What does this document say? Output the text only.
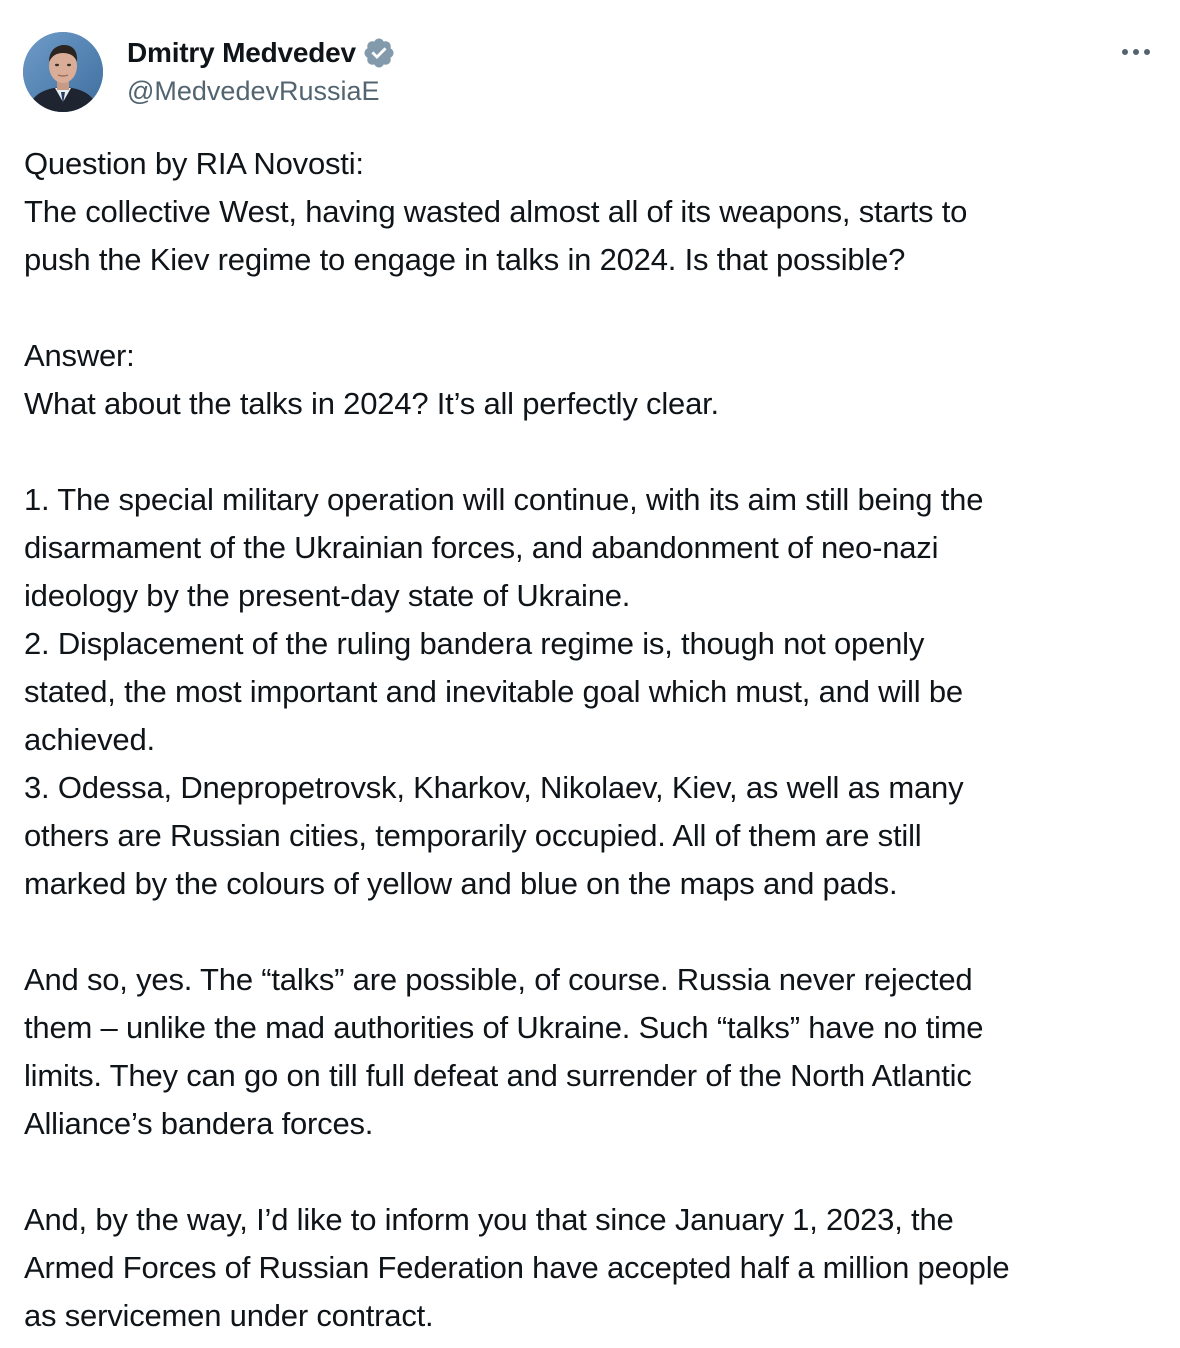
Dmitry Medvedev
@MedvedevRussiaE
Question by RIA Novosti:
The collective West, having wasted almost all of its weapons, starts to
push the Kiev regime to engage in talks in 2024. Is that possible?
Answer:
What about the talks in 2024? It’s all perfectly clear.
1. The special military operation will continue, with its aim still being the
disarmament of the Ukrainian forces, and abandonment of neo-nazi
ideology by the present-day state of Ukraine.
2. Displacement of the ruling bandera regime is, though not openly
stated, the most important and inevitable goal which must, and will be
achieved.
3. Odessa, Dnepropetrovsk, Kharkov, Nikolaev, Kiev, as well as many
others are Russian cities, temporarily occupied. All of them are still
marked by the colours of yellow and blue on the maps and pads.
And so, yes. The “talks” are possible, of course. Russia never rejected
them – unlike the mad authorities of Ukraine. Such “talks” have no time
limits. They can go on till full defeat and surrender of the North Atlantic
Alliance’s bandera forces.
And, by the way, I’d like to inform you that since January 1, 2023, the
Armed Forces of Russian Federation have accepted half a million people
as servicemen under contract.
